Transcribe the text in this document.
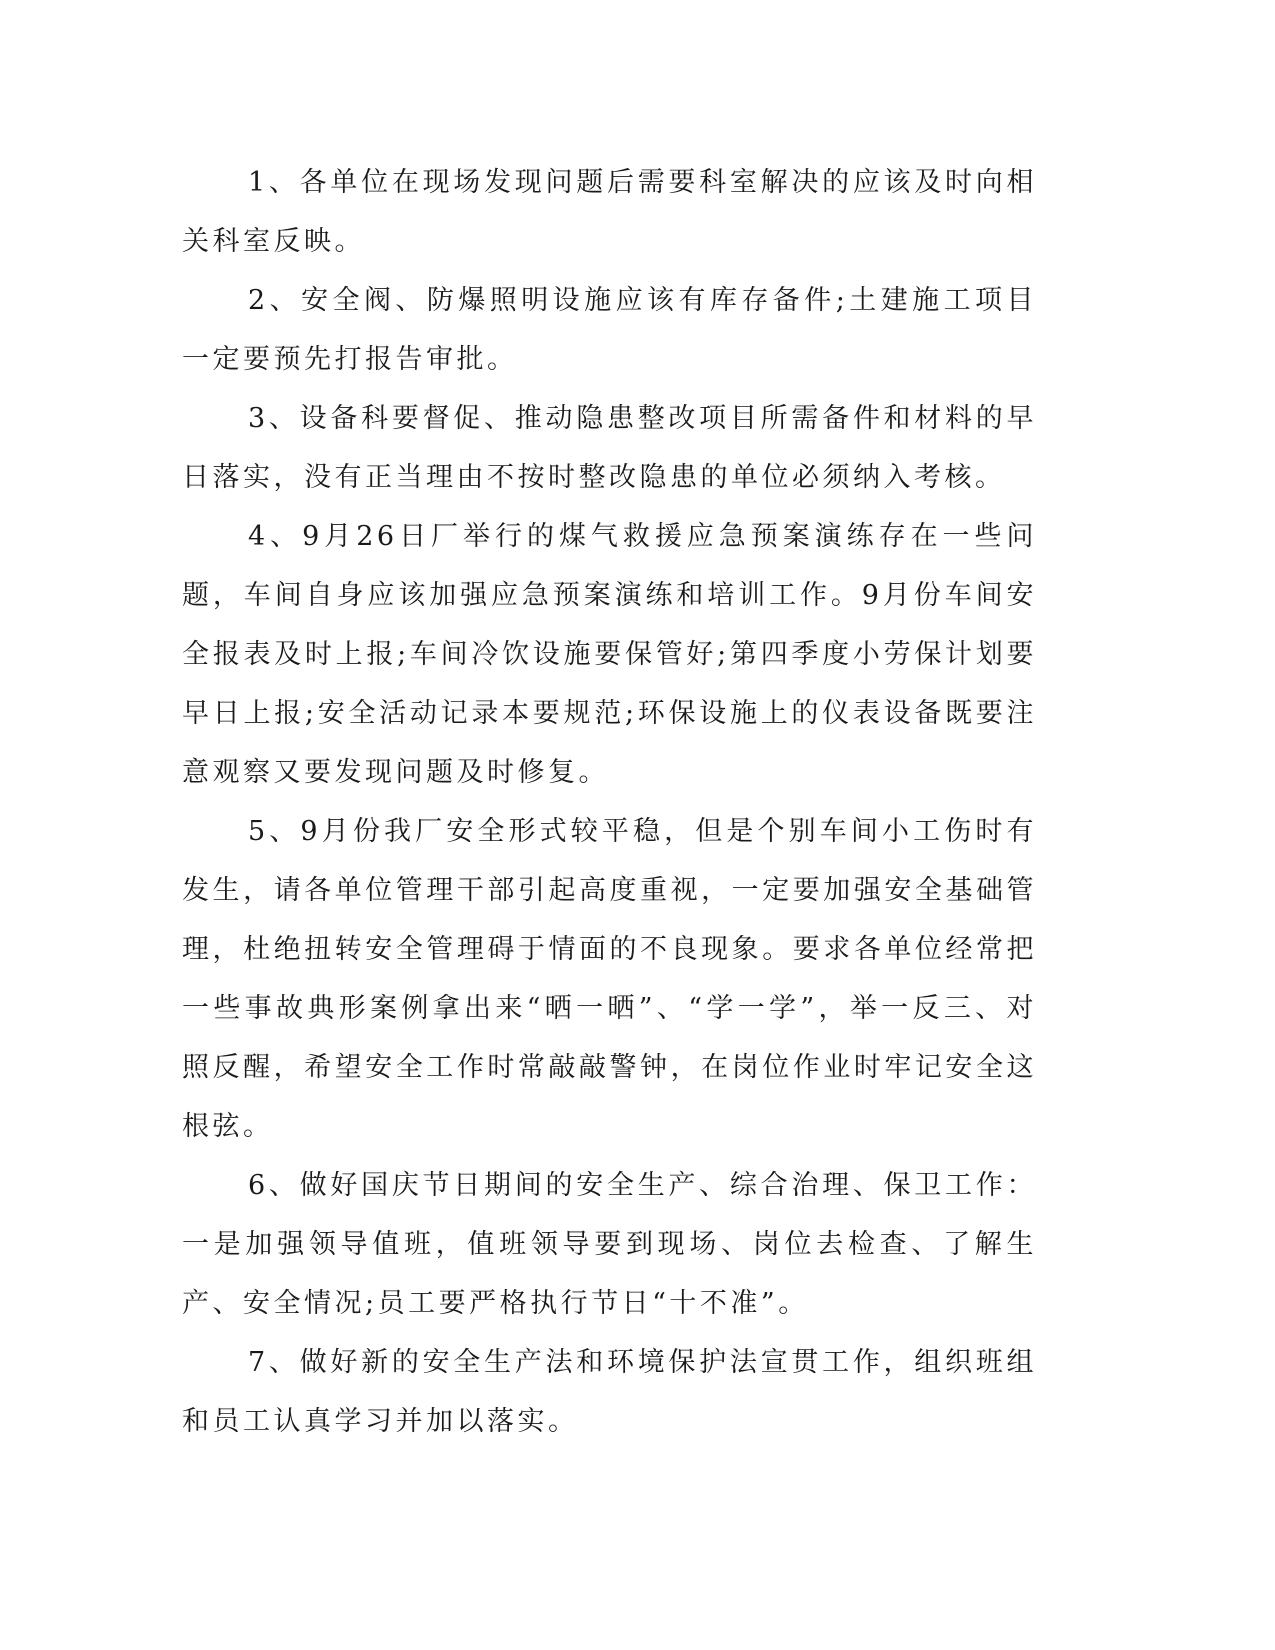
1、各单位在现场发现问题后需要科室解决的应该及时向相关科室反映。

2、安全阀、防爆照明设施应该有库存备件;土建施工项目一定要预先打报告审批。

3、设备科要督促、推动隐患整改项目所需备件和材料的早日落实，没有正当理由不按时整改隐患的单位必须纳入考核。

4、9月26日厂举行的煤气救援应急预案演练存在一些问题，车间自身应该加强应急预案演练和培训工作。9月份车间安全报表及时上报;车间冷饮设施要保管好;第四季度小劳保计划要早日上报;安全活动记录本要规范;环保设施上的仪表设备既要注意观察又要发现问题及时修复。

5、9月份我厂安全形式较平稳，但是个别车间小工伤时有发生，请各单位管理干部引起高度重视，一定要加强安全基础管理，杜绝扭转安全管理碍于情面的不良现象。要求各单位经常把一些事故典形案例拿出来“晒一晒”、“学一学”，举一反三、对照反醒，希望安全工作时常敲敲警钟，在岗位作业时牢记安全这根弦。

6、做好国庆节日期间的安全生产、综合治理、保卫工作：一是加强领导值班，值班领导要到现场、岗位去检查、了解生产、安全情况;员工要严格执行节日“十不准”。

7、做好新的安全生产法和环境保护法宣贯工作，组织班组和员工认真学习并加以落实。
